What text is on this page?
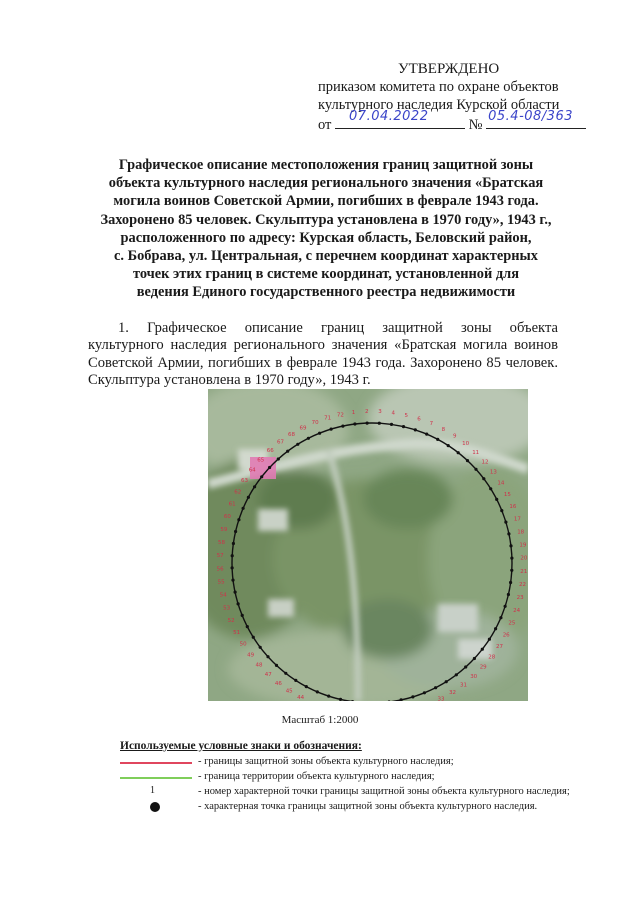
УТВЕРЖДЕНО
приказом комитета по охране объектов
культурного наследия Курской области
от
07.04.2022
№
05.4-08/363
Графическое описание местоположения границ защитной зоны
объекта культурного наследия регионального значения «Братская
могила воинов Советской Армии, погибших в феврале 1943 года.
Захоронено 85 человек. Скульптура установлена в 1970 году», 1943 г.,
расположенного по адресу: Курская область, Беловский район,
с. Бобрава, ул. Центральная, с перечнем координат характерных
точек этих границ в системе координат, установленной для
ведения Единого государственного реестра недвижимости
1. Графическое описание границ защитной зоны объекта
культурного наследия регионального значения «Братская могила воинов Советской Армии, погибших в феврале 1943 года. Захоронено 85 человек. Скульптура установлена в 1970 году», 1943 г.
1 2 3 4 5
6
7
8
9
10
11
12
13
14
15
16
17
18
19
20
21
22
23
24
25
26
27
28
29
30
31
32
33
44
45
46
47
48
49
50
51
52
53
54
55
56
57
58
59
60
61
62
63
64
65
66
67
68
69
70
71
72
Масштаб 1:2000
Используемые условные знаки и обозначения:
- границы защитной зоны объекта культурного наследия;
- граница территории объекта культурного наследия;
1	- номер характерной точки границы защитной зоны объекта культурного наследия;
- характерная точка границы защитной зоны объекта культурного наследия.
